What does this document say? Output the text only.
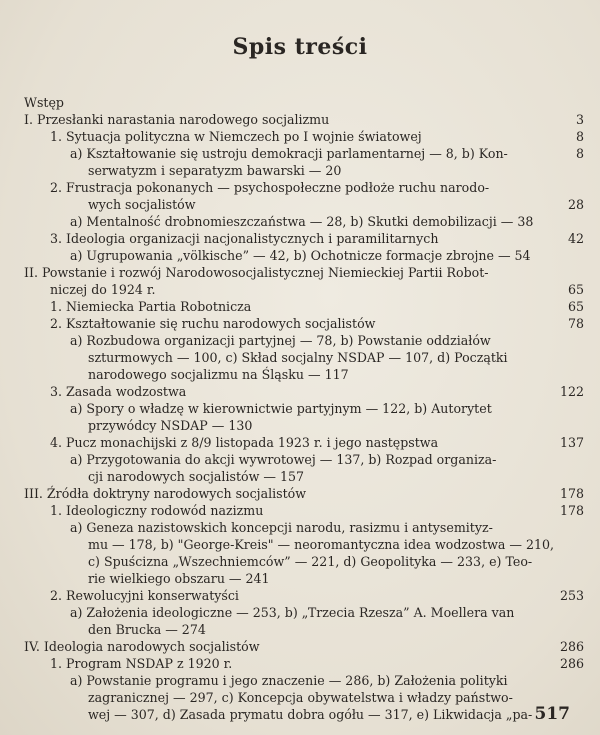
Spis treści
Wstęp
I. Przesłanki narastania narodowego socjalizmu	3
1. Sytuacja polityczna w Niemczech po I wojnie światowej	8
a) Kształtowanie się ustroju demokracji parlamentarnej — 8, b) Kon-	8
serwatyzm i separatyzm bawarski — 20
2. Frustracja pokonanych — psychospołeczne podłoże ruchu narodo-
wych socjalistów	28
a) Mentalność drobnomieszczaństwa — 28, b) Skutki demobilizacji — 38
3. Ideologia organizacji nacjonalistycznych i paramilitarnych	42
a) Ugrupowania „völkische” — 42, b) Ochotnicze formacje zbrojne — 54
II. Powstanie i rozwój Narodowosocjalistycznej Niemieckiej Partii Robot-
niczej do 1924 r.	65
1. Niemiecka Partia Robotnicza	65
2. Kształtowanie się ruchu narodowych socjalistów	78
a) Rozbudowa organizacji partyjnej — 78, b) Powstanie oddziałów
szturmowych — 100, c) Skład socjalny NSDAP — 107, d) Początki
narodowego socjalizmu na Śląsku — 117
3. Zasada wodzostwa	122
a) Spory o władzę w kierownictwie partyjnym — 122, b) Autorytet
przywódcy NSDAP — 130
4. Pucz monachijski z 8/9 listopada 1923 r. i jego następstwa	137
a) Przygotowania do akcji wywrotowej — 137, b) Rozpad organiza-
cji narodowych socjalistów — 157
III. Źródła doktryny narodowych socjalistów	178
1. Ideologiczny rodowód nazizmu	178
a) Geneza nazistowskich koncepcji narodu, rasizmu i antysemityz-
mu — 178, b) "George-Kreis" — neoromantyczna idea wodzostwa — 210,
c) Spuścizna „Wszechniemców” — 221, d) Geopolityka — 233, e) Teo-
rie wielkiego obszaru — 241
2. Rewolucyjni konserwatyści	253
a) Założenia ideologiczne — 253, b) „Trzecia Rzesza” A. Moellera van
den Brucka — 274
IV. Ideologia narodowych socjalistów	286
1. Program NSDAP z 1920 r.	286
a) Powstanie programu i jego znaczenie — 286, b) Założenia polityki
zagranicznej — 297, c) Koncepcja obywatelstwa i władzy państwo-
wej — 307, d) Zasada prymatu dobra ogółu — 317, e) Likwidacja „pa- 517
